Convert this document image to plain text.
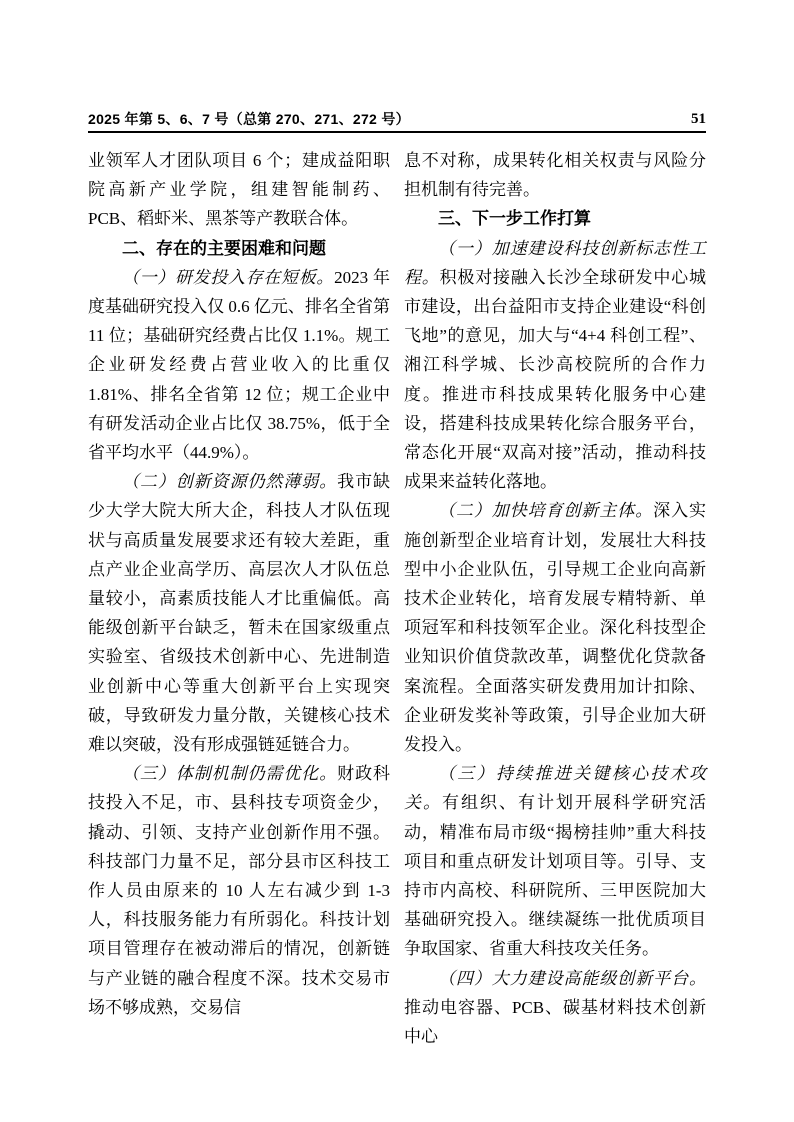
2025 年第 5、6、7 号（总第 270、271、272 号）	51

业领军人才团队项目 6 个；建成益阳职院高新产业学院，组建智能制药、PCB、稻虾米、黑茶等产教联合体。

二、存在的主要困难和问题

（一）研发投入存在短板。2023 年度基础研究投入仅 0.6 亿元、排名全省第 11 位；基础研究经费占比仅 1.1%。规工企业研发经费占营业收入的比重仅 1.81%、排名全省第 12 位；规工企业中有研发活动企业占比仅 38.75%，低于全省平均水平（44.9%）。

（二）创新资源仍然薄弱。我市缺少大学大院大所大企，科技人才队伍现状与高质量发展要求还有较大差距，重点产业企业高学历、高层次人才队伍总量较小，高素质技能人才比重偏低。高能级创新平台缺乏，暂未在国家级重点实验室、省级技术创新中心、先进制造业创新中心等重大创新平台上实现突破，导致研发力量分散，关键核心技术难以突破，没有形成强链延链合力。

（三）体制机制仍需优化。财政科技投入不足，市、县科技专项资金少，撬动、引领、支持产业创新作用不强。科技部门力量不足，部分县市区科技工作人员由原来的 10 人左右减少到 1-3 人，科技服务能力有所弱化。科技计划项目管理存在被动滞后的情况，创新链与产业链的融合程度不深。技术交易市场不够成熟，交易信

息不对称，成果转化相关权责与风险分担机制有待完善。

三、下一步工作打算

（一）加速建设科技创新标志性工程。积极对接融入长沙全球研发中心城市建设，出台益阳市支持企业建设“科创飞地”的意见，加大与“4+4 科创工程”、湘江科学城、长沙高校院所的合作力度。推进市科技成果转化服务中心建设，搭建科技成果转化综合服务平台，常态化开展“双高对接”活动，推动科技成果来益转化落地。

（二）加快培育创新主体。深入实施创新型企业培育计划，发展壮大科技型中小企业队伍，引导规工企业向高新技术企业转化，培育发展专精特新、单项冠军和科技领军企业。深化科技型企业知识价值贷款改革，调整优化贷款备案流程。全面落实研发费用加计扣除、企业研发奖补等政策，引导企业加大研发投入。

（三）持续推进关键核心技术攻关。有组织、有计划开展科学研究活动，精准布局市级“揭榜挂帅”重大科技项目和重点研发计划项目等。引导、支持市内高校、科研院所、三甲医院加大基础研究投入。继续凝练一批优质项目争取国家、省重大科技攻关任务。

（四）大力建设高能级创新平台。推动电容器、PCB、碳基材料技术创新中心
